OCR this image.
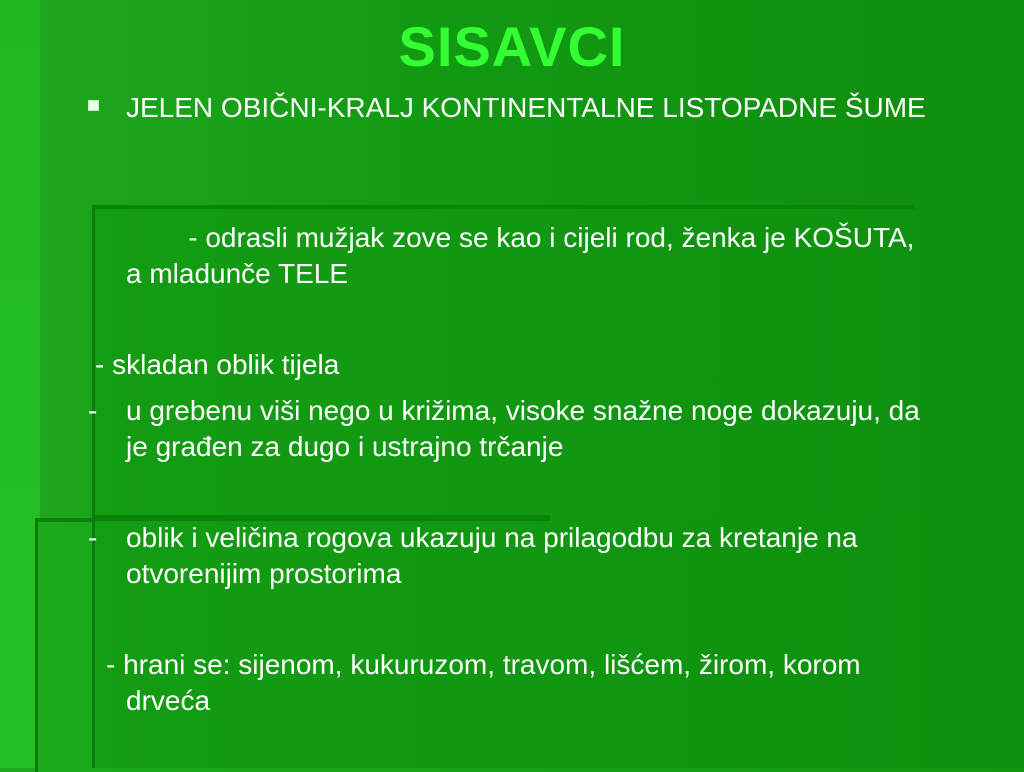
SISAVCI

JELEN OBIČNI-KRALJ KONTINENTALNE LISTOPADNE ŠUME

- odrasli mužjak zove se kao i cijeli rod, ženka je KOŠUTA, a mladunče TELE

- skladan oblik tijela

- u grebenu viši nego u križima, visoke snažne noge dokazuju, da je građen za dugo i ustrajno trčanje

- oblik i veličina rogova ukazuju na prilagodbu za kretanje na otvorenijim prostorima

- hrani se: sijenom, kukuruzom, travom, lišćem, žirom, korom drveća
